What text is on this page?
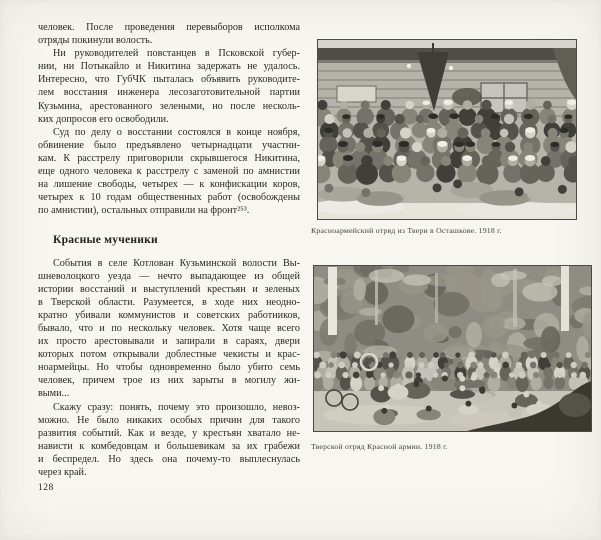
человек. После проведения перевыборов исполкома
отряды покинули волость.
Ни руководителей повстанцев в Псковской губер-
нии, ни Потыкайло и Никитина задержать не удалось.
Интересно, что ГубЧК пыталась объявить руководите-
лем восстания инженера лесозаготовительной партии
Кузьмина, арестованного зелеными, но после несколь-
ких допросов его освободили.
Суд по делу о восстании состоялся в конце ноября,
обвинение было предъявлено четырнадцати участни-
кам. К расстрелу приговорили скрывшегося Никитина,
еще одного человека к расстрелу с заменой по амнистии
на лишение свободы, четырех — к конфискации коров,
четырех к 10 годам общественных работ (освобождены
по амнистии), остальных отправили на фронт²⁵³.
Красные мученики
События в селе Котлован Кузьминской волости Вы-
шневолоцкого уезда — нечто выпадающее из общей
истории восстаний и выступлений крестьян и зеленых
в Тверской области. Разумеется, в ходе них неодно-
кратно убивали коммунистов и советских работников,
бывало, что и по нескольку человек. Хотя чаще всего
их просто арестовывали и запирали в сараях, двери
которых потом открывали доблестные чекисты и крас-
ноармейцы. Но чтобы одновременно было убито семь
человек, причем трое из них зарыты в могилу жи-
выми...
Скажу сразу: понять, почему это произошло, невоз-
можно. Не было никаких особых причин для такого
развития событий. Как и везде, у крестьян хватало не-
нависти к комбедовцам и большевикам за их грабежи
и беспредел. Но здесь она почему-то выплеснулась
через край.
Красноармейский отряд из Твери в Осташкове. 1918 г.
Тверской отряд Красной армии. 1918 г.
128
